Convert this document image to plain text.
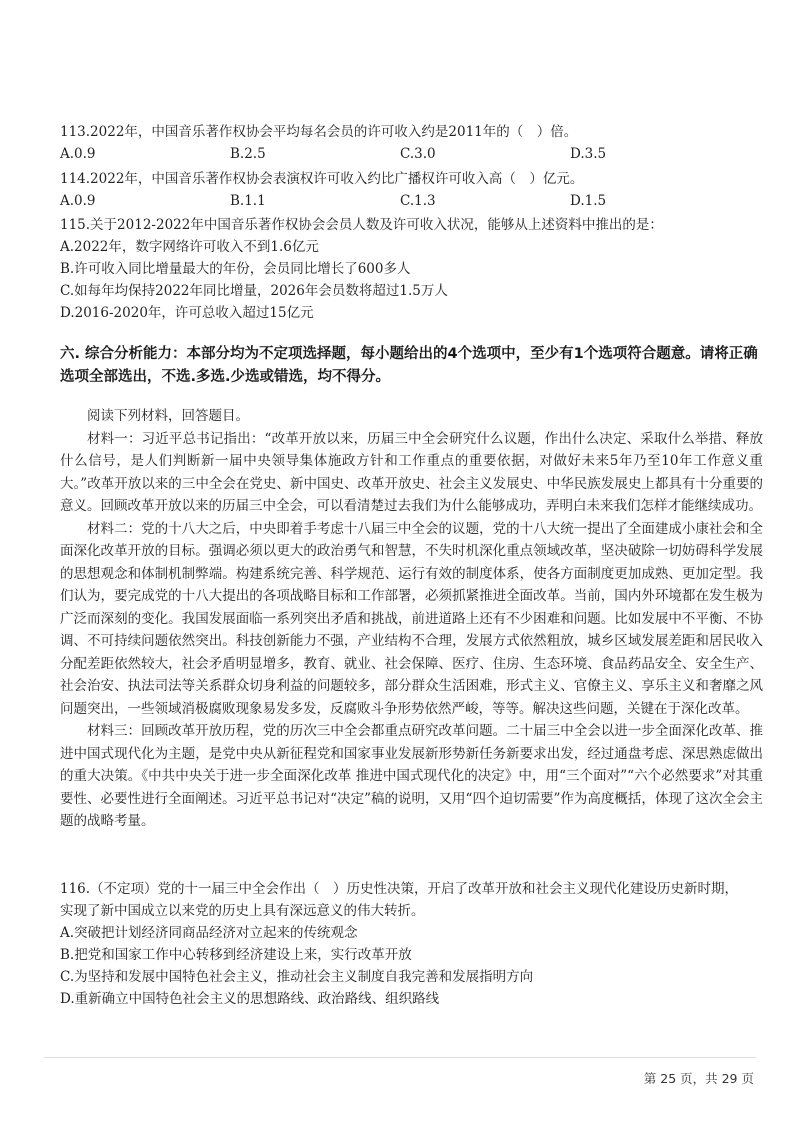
113.2022年，中国音乐著作权协会平均每名会员的许可收入约是2011年的（　）倍。
A.0.9	B.2.5	C.3.0	D.3.5
114.2022年，中国音乐著作权协会表演权许可收入约比广播权许可收入高（　）亿元。
A.0.9	B.1.1	C.1.3	D.1.5
115.关于2012-2022年中国音乐著作权协会会员人数及许可收入状况，能够从上述资料中推出的是：
A.2022年，数字网络许可收入不到1.6亿元
B.许可收入同比增量最大的年份，会员同比增长了600多人
C.如每年均保持2022年同比增量，2026年会员数将超过1.5万人
D.2016-2020年，许可总收入超过15亿元
六. 综合分析能力：本部分均为不定项选择题，每小题给出的4个选项中，至少有1个选项符合题意。请将正确选项全部选出，不选.多选.少选或错选，均不得分。

阅读下列材料，回答题目。

材料一：习近平总书记指出：“改革开放以来，历届三中全会研究什么议题，作出什么决定、采取什么举措、释放什么信号，是人们判断新一届中央领导集体施政方针和工作重点的重要依据，对做好未来5年乃至10年工作意义重大。”改革开放以来的三中全会在党史、新中国史、改革开放史、社会主义发展史、中华民族发展史上都具有十分重要的意义。回顾改革开放以来的历届三中全会，可以看清楚过去我们为什么能够成功，弄明白未来我们怎样才能继续成功。

材料二：党的十八大之后，中央即着手考虑十八届三中全会的议题，党的十八大统一提出了全面建成小康社会和全面深化改革开放的目标。强调必须以更大的政治勇气和智慧，不失时机深化重点领域改革，坚决破除一切妨碍科学发展的思想观念和体制机制弊端。构建系统完善、科学规范、运行有效的制度体系，使各方面制度更加成熟、更加定型。我们认为，要完成党的十八大提出的各项战略目标和工作部署，必须抓紧推进全面改革。当前，国内外环境都在发生极为广泛而深刻的变化。我国发展面临一系列突出矛盾和挑战，前进道路上还有不少困难和问题。比如发展中不平衡、不协调、不可持续问题依然突出。科技创新能力不强，产业结构不合理，发展方式依然粗放，城乡区域发展差距和居民收入分配差距依然较大，社会矛盾明显增多，教育、就业、社会保障、医疗、住房、生态环境、食品药品安全、安全生产、社会治安、执法司法等关系群众切身利益的问题较多，部分群众生活困难，形式主义、官僚主义、享乐主义和奢靡之风问题突出，一些领域消极腐败现象易发多发，反腐败斗争形势依然严峻，等等。解决这些问题，关键在于深化改革。

材料三：回顾改革开放历程，党的历次三中全会都重点研究改革问题。二十届三中全会以进一步全面深化改革、推进中国式现代化为主题，是党中央从新征程党和国家事业发展新形势新任务新要求出发，经过通盘考虑、深思熟虑做出的重大决策。《中共中央关于进一步全面深化改革 推进中国式现代化的决定》中，用“三个面对”“六个必然要求”对其重要性、必要性进行全面阐述。习近平总书记对“决定”稿的说明，又用“四个迫切需要”作为高度概括，体现了这次全会主题的战略考量。

116.（不定项）党的十一届三中全会作出（　）历史性决策，开启了改革开放和社会主义现代化建设历史新时期，
实现了新中国成立以来党的历史上具有深远意义的伟大转折。
A.突破把计划经济同商品经济对立起来的传统观念
B.把党和国家工作中心转移到经济建设上来，实行改革开放
C.为坚持和发展中国特色社会主义，推动社会主义制度自我完善和发展指明方向
D.重新确立中国特色社会主义的思想路线、政治路线、组织路线
第 25 页，共 29 页
